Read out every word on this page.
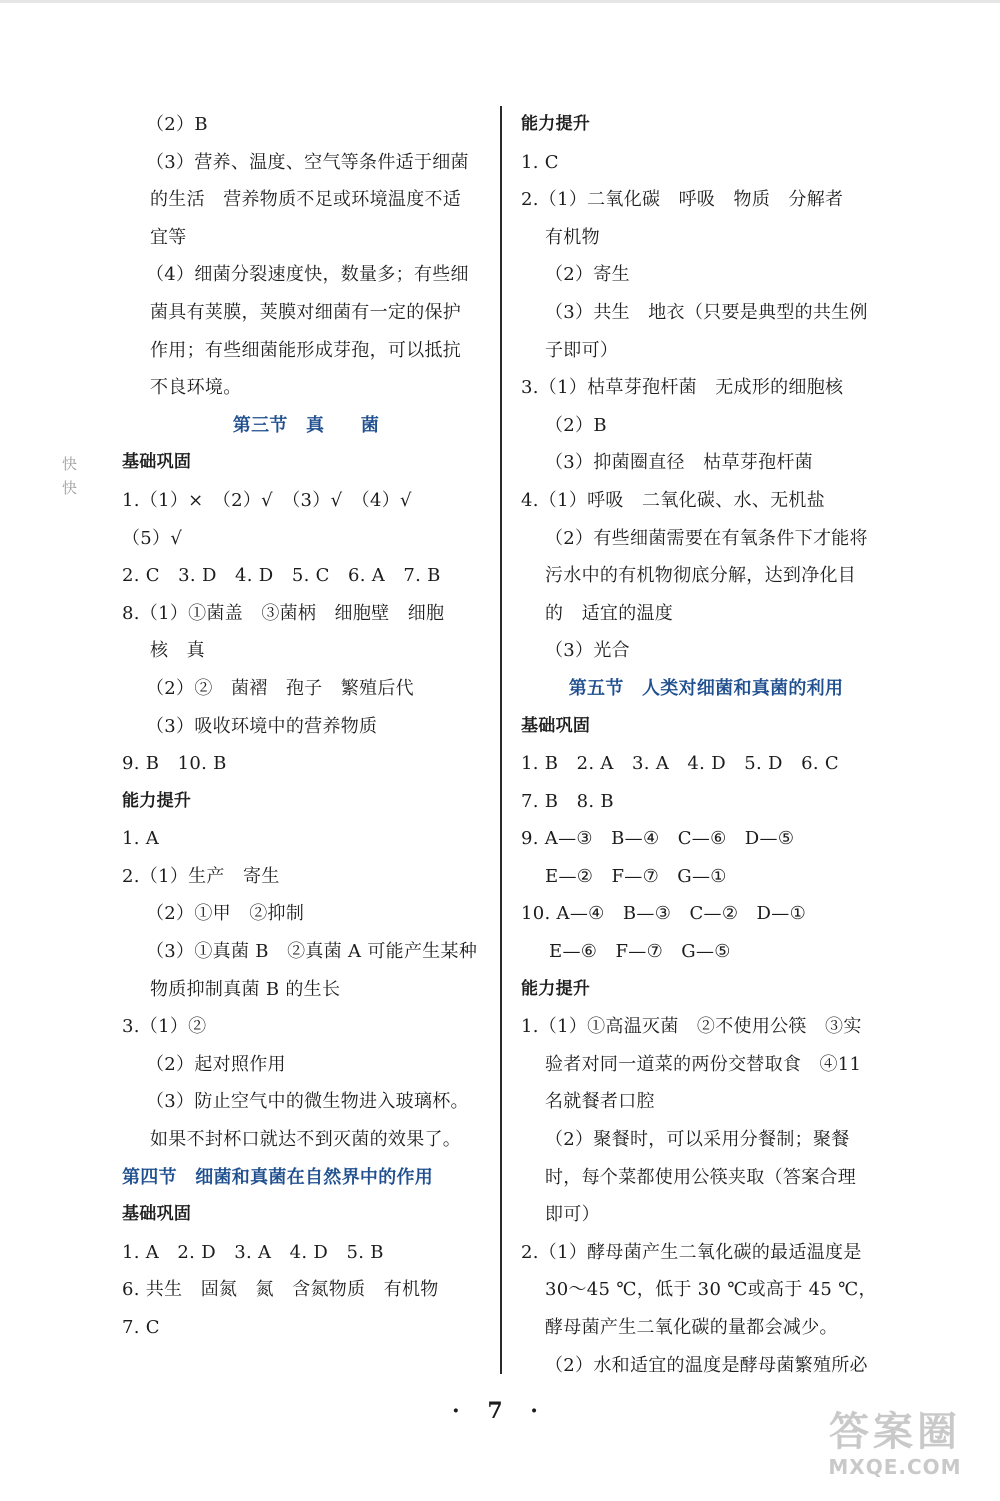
（2）B
（3）营养、温度、空气等条件适于细菌
的生活　营养物质不足或环境温度不适
宜等
（4）细菌分裂速度快，数量多；有些细
菌具有荚膜，荚膜对细菌有一定的保护
作用；有些细菌能形成芽孢，可以抵抗
不良环境。
第三节　真　　菌
基础巩固
1.（1）×　（2）√　（3）√　（4）√
（5）√
2. C　3. D　4. D　5. C　6. A　7. B
8.（1）①菌盖　③菌柄　细胞壁　细胞
核　真
（2）②　菌褶　孢子　繁殖后代
（3）吸收环境中的营养物质
9. B　10. B
能力提升
1. A
2.（1）生产　寄生
（2）①甲　②抑制
（3）①真菌 B　②真菌 A 可能产生某种
物质抑制真菌 B 的生长
3.（1）②
（2）起对照作用
（3）防止空气中的微生物进入玻璃杯。
如果不封杯口就达不到灭菌的效果了。
第四节　细菌和真菌在自然界中的作用
基础巩固
1. A　2. D　3. A　4. D　5. B
6. 共生　固氮　氮　含氮物质　有机物
7. C
能力提升
1. C
2.（1）二氧化碳　呼吸　物质　分解者
有机物
（2）寄生
（3）共生　地衣（只要是典型的共生例
子即可）
3.（1）枯草芽孢杆菌　无成形的细胞核
（2）B
（3）抑菌圈直径　枯草芽孢杆菌
4.（1）呼吸　二氧化碳、水、无机盐
（2）有些细菌需要在有氧条件下才能将
污水中的有机物彻底分解，达到净化目
的　适宜的温度
（3）光合
第五节　人类对细菌和真菌的利用
基础巩固
1. B　2. A　3. A　4. D　5. D　6. C
7. B　8. B
9. A—③　B—④　C—⑥　D—⑤
E—②　F—⑦　G—①
10. A—④　B—③　C—②　D—①
E—⑥　F—⑦　G—⑤
能力提升
1.（1）①高温灭菌　②不使用公筷　③实
验者对同一道菜的两份交替取食　④11
名就餐者口腔
（2）聚餐时，可以采用分餐制；聚餐
时，每个菜都使用公筷夹取（答案合理
即可）
2.（1）酵母菌产生二氧化碳的最适温度是
30～45 ℃，低于 30 ℃或高于 45 ℃，
酵母菌产生二氧化碳的量都会减少。
（2）水和适宜的温度是酵母菌繁殖所必
快
快
· 7 ·	答案圈
MXQE.COM
